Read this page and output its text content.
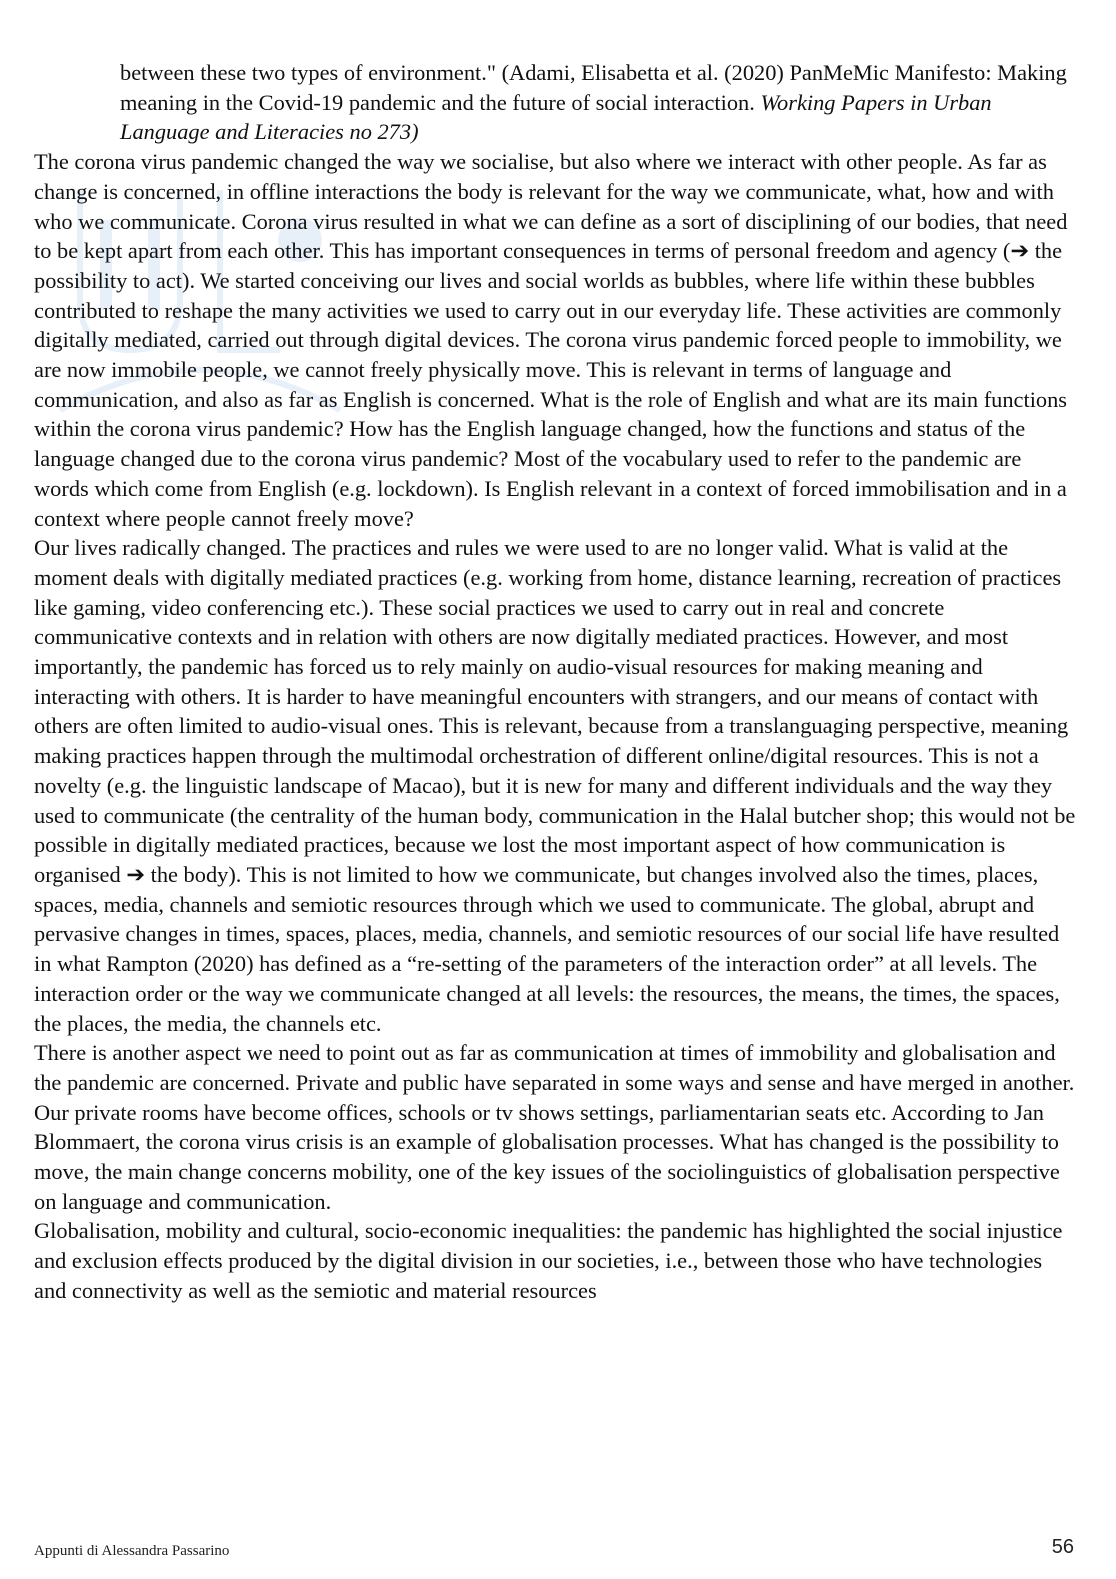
between these two types of environment." (Adami, Elisabetta et al. (2020) PanMeMic Manifesto: Making meaning in the Covid-19 pandemic and the future of social interaction. Working Papers in Urban Language and Literacies no 273)

The corona virus pandemic changed the way we socialise, but also where we interact with other people. As far as change is concerned, in offline interactions the body is relevant for the way we communicate, what, how and with who we communicate. Corona virus resulted in what we can define as a sort of disciplining of our bodies, that need to be kept apart from each other. This has important consequences in terms of personal freedom and agency (➔ the possibility to act). We started conceiving our lives and social worlds as bubbles, where life within these bubbles contributed to reshape the many activities we used to carry out in our everyday life. These activities are commonly digitally mediated, carried out through digital devices. The corona virus pandemic forced people to immobility, we are now immobile people, we cannot freely physically move. This is relevant in terms of language and communication, and also as far as English is concerned. What is the role of English and what are its main functions within the corona virus pandemic? How has the English language changed, how the functions and status of the language changed due to the corona virus pandemic? Most of the vocabulary used to refer to the pandemic are words which come from English (e.g. lockdown). Is English relevant in a context of forced immobilisation and in a context where people cannot freely move?

Our lives radically changed. The practices and rules we were used to are no longer valid. What is valid at the moment deals with digitally mediated practices (e.g. working from home, distance learning, recreation of practices like gaming, video conferencing etc.). These social practices we used to carry out in real and concrete communicative contexts and in relation with others are now digitally mediated practices. However, and most importantly, the pandemic has forced us to rely mainly on audio-visual resources for making meaning and interacting with others. It is harder to have meaningful encounters with strangers, and our means of contact with others are often limited to audio-visual ones. This is relevant, because from a translanguaging perspective, meaning making practices happen through the multimodal orchestration of different online/digital resources. This is not a novelty (e.g. the linguistic landscape of Macao), but it is new for many and different individuals and the way they used to communicate (the centrality of the human body, communication in the Halal butcher shop; this would not be possible in digitally mediated practices, because we lost the most important aspect of how communication is organised ➔ the body). This is not limited to how we communicate, but changes involved also the times, places, spaces, media, channels and semiotic resources through which we used to communicate. The global, abrupt and pervasive changes in times, spaces, places, media, channels, and semiotic resources of our social life have resulted in what Rampton (2020) has defined as a “re-setting of the parameters of the interaction order” at all levels. The interaction order or the way we communicate changed at all levels: the resources, the means, the times, the spaces, the places, the media, the channels etc.

There is another aspect we need to point out as far as communication at times of immobility and globalisation and the pandemic are concerned. Private and public have separated in some ways and sense and have merged in another. Our private rooms have become offices, schools or tv shows settings, parliamentarian seats etc. According to Jan Blommaert, the corona virus crisis is an example of globalisation processes. What has changed is the possibility to move, the main change concerns mobility, one of the key issues of the sociolinguistics of globalisation perspective on language and communication.

Globalisation, mobility and cultural, socio-economic inequalities: the pandemic has highlighted the social injustice and exclusion effects produced by the digital division in our societies, i.e., between those who have technologies and connectivity as well as the semiotic and material resources

Appunti di Alessandra Passarino	56
